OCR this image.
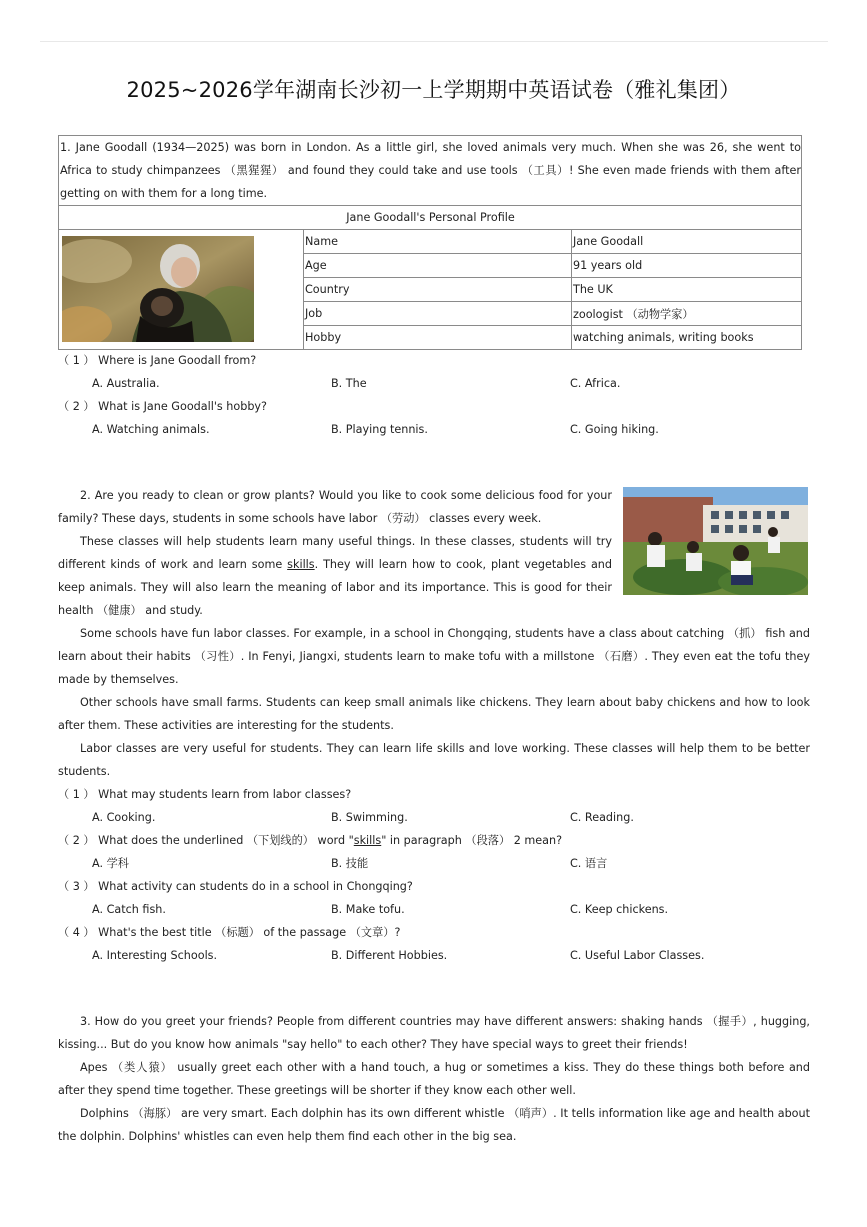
2025~2026学年湖南长沙初一上学期期中英语试卷（雅礼集团）
1. Jane Goodall (1934—2025) was born in London. As a little girl, she loved animals very much. When she was 26, she went to Africa to study chimpanzees （黑猩猩） and found they could take and use tools （工具）! She even made friends with them after getting on with them for a long time.		
Jane Goodall's Personal Profile		
	Name	Jane Goodall
	Age	91 years old
	Country	The UK
	Job	zoologist （动物学家）
	Hobby	watching animals, writing books
（ 1 ） Where is Jane Goodall from?
A. Australia.	B. The	C. Africa.
（ 2 ） What is Jane Goodall's hobby?
A. Watching animals.	B. Playing tennis.	C. Going hiking.
2. Are you ready to clean or grow plants? Would you like to cook some delicious food for your family? These days, students in some schools have labor （劳动） classes every week.
These classes will help students learn many useful things. In these classes, students will try different kinds of work and learn some skills. They will learn how to cook, plant vegetables and keep animals. They will also learn the meaning of labor and its importance. This is good for their health （健康） and study.
Some schools have fun labor classes. For example, in a school in Chongqing, students have a class about catching （抓） fish and learn about their habits （习性）. In Fenyi, Jiangxi, students learn to make tofu with a millstone （石磨）. They even eat the tofu they made by themselves.
Other schools have small farms. Students can keep small animals like chickens. They learn about baby chickens and how to look after them. These activities are interesting for the students.
Labor classes are very useful for students. They can learn life skills and love working. These classes will help them to be better students.
（ 1 ） What may students learn from labor classes?
A. Cooking.	B. Swimming.	C. Reading.
（ 2 ） What does the underlined （下划线的） word "skills" in paragraph （段落） 2 mean?
A. 学科	B. 技能	C. 语言
（ 3 ） What activity can students do in a school in Chongqing?
A. Catch fish.	B. Make tofu.	C. Keep chickens.
（ 4 ） What's the best title （标题） of the passage （文章）?
A. Interesting Schools.	B. Different Hobbies.	C. Useful Labor Classes.
3. How do you greet your friends? People from different countries may have different answers: shaking hands （握手）, hugging, kissing... But do you know how animals "say hello" to each other? They have special ways to greet their friends!
Apes （类人猿） usually greet each other with a hand touch, a hug or sometimes a kiss. They do these things both before and after they spend time together. These greetings will be shorter if they know each other well.
Dolphins （海豚） are very smart. Each dolphin has its own different whistle （哨声）. It tells information like age and health about the dolphin. Dolphins' whistles can even help them find each other in the big sea.
